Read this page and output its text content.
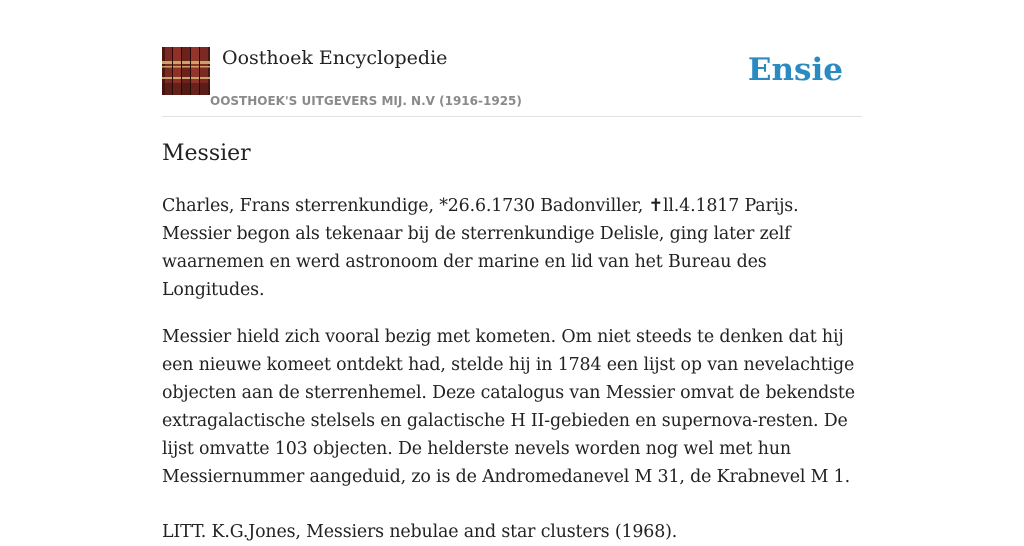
Oosthoek Encyclopedie
OOSTHOEK'S UITGEVERS MIJ. N.V (1916-1925)
Ensie
Messier

Charles, Frans sterrenkundige, *26.6.1730 Badonviller, ✝ll.4.1817 Parijs. Messier begon als tekenaar bij de sterrenkundige Delisle, ging later zelf waarnemen en werd astronoom der marine en lid van het Bureau des Longitudes.

Messier hield zich vooral bezig met kometen. Om niet steeds te denken dat hij een nieuwe komeet ontdekt had, stelde hij in 1784 een lijst op van nevelachtige objecten aan de sterrenhemel. Deze catalogus van Messier omvat de bekendste extragalactische stelsels en galactische H II-gebieden en supernova-resten. De lijst omvatte 103 objecten. De helderste nevels worden nog wel met hun Messiernummer aangeduid, zo is de Andromedanevel M 31, de Krabnevel M 1.

LITT. K.G.Jones, Messiers nebulae and star clusters (1968).
